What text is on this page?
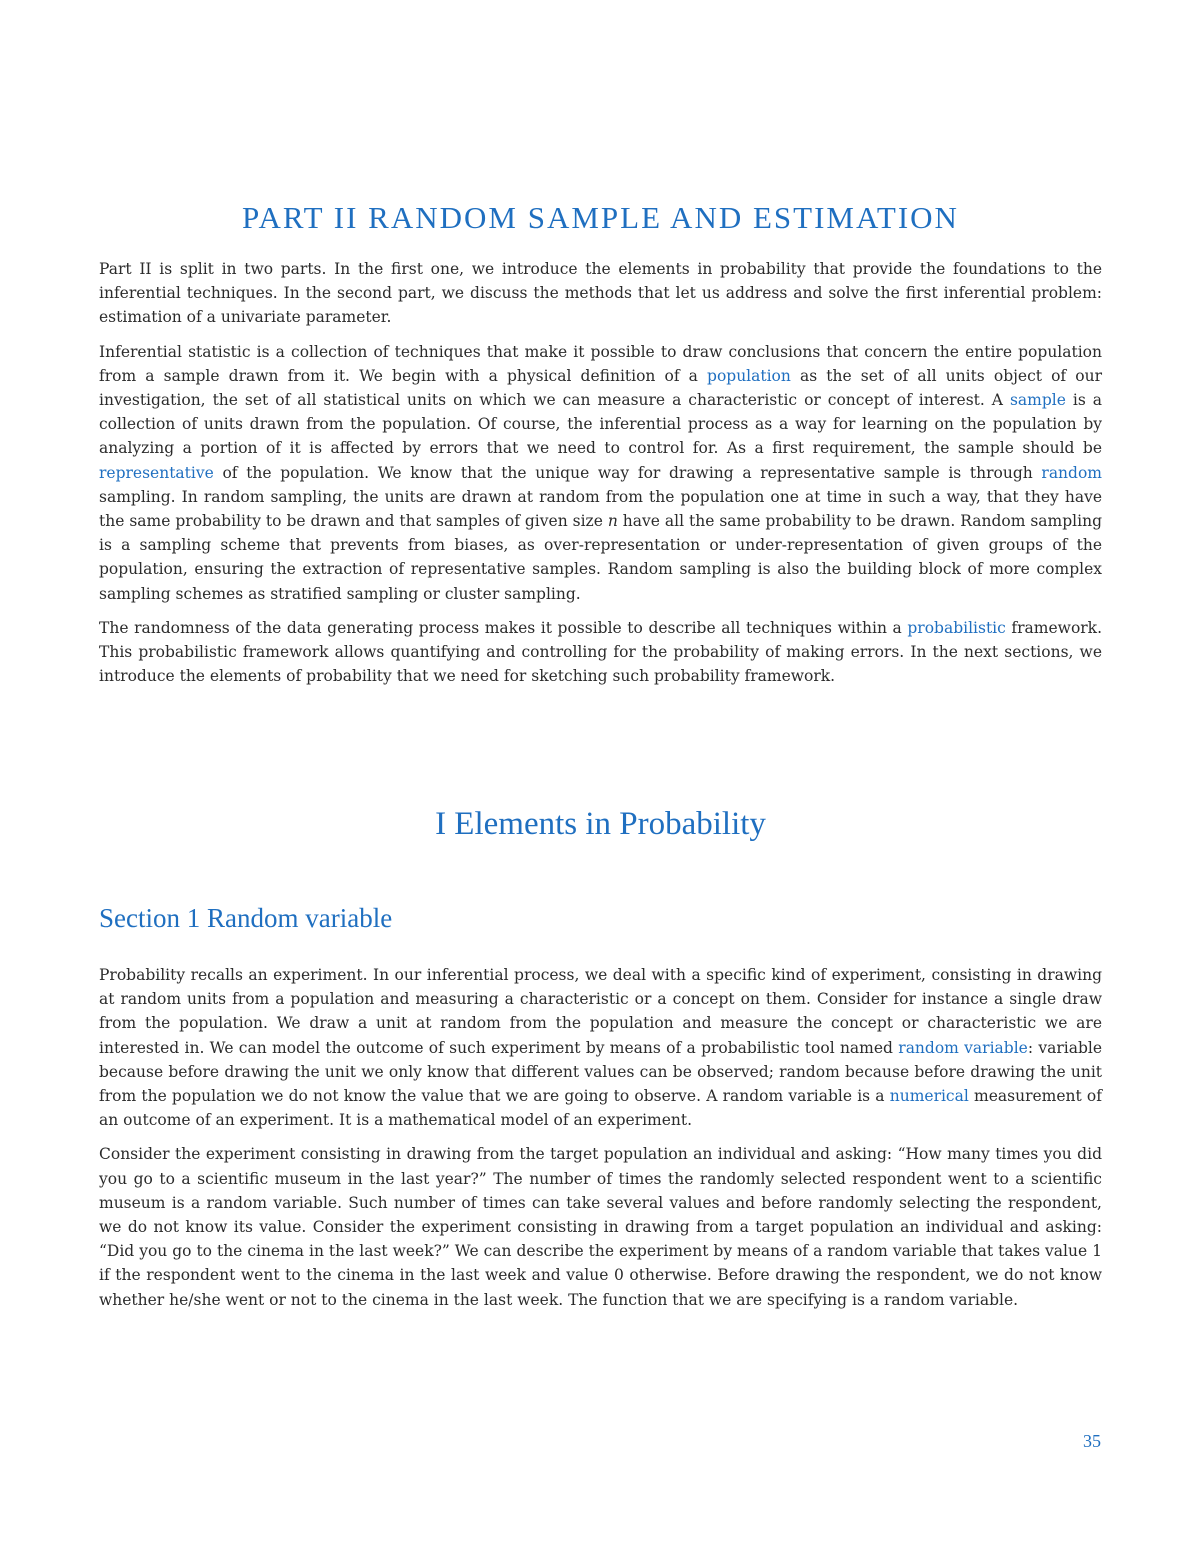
PART II RANDOM SAMPLE AND ESTIMATION

Part II is split in two parts. In the first one, we introduce the elements in probability that provide the foundations to the inferential techniques. In the second part, we discuss the methods that let us address and solve the first inferential problem: estimation of a univariate parameter.

Inferential statistic is a collection of techniques that make it possible to draw conclusions that concern the entire population from a sample drawn from it. We begin with a physical definition of a population as the set of all units object of our investigation, the set of all statistical units on which we can measure a characteristic or concept of interest. A sample is a collection of units drawn from the population. Of course, the inferential process as a way for learning on the population by analyzing a portion of it is affected by errors that we need to control for. As a first requirement, the sample should be representative of the population. We know that the unique way for drawing a representative sample is through random sampling. In random sampling, the units are drawn at random from the population one at time in such a way, that they have the same probability to be drawn and that samples of given size n have all the same probability to be drawn. Random sampling is a sampling scheme that prevents from biases, as over-representation or under-representation of given groups of the population, ensuring the extraction of representative samples. Random sampling is also the building block of more complex sampling schemes as stratified sampling or cluster sampling.

The randomness of the data generating process makes it possible to describe all techniques within a probabilistic framework. This probabilistic framework allows quantifying and controlling for the probability of making errors. In the next sections, we introduce the elements of probability that we need for sketching such probability framework.

I Elements in Probability
Section 1 Random variable

Probability recalls an experiment. In our inferential process, we deal with a specific kind of experiment, consisting in drawing at random units from a population and measuring a characteristic or a concept on them. Consider for instance a single draw from the population. We draw a unit at random from the population and measure the concept or characteristic we are interested in. We can model the outcome of such experiment by means of a probabilistic tool named random variable: variable because before drawing the unit we only know that different values can be observed; random because before drawing the unit from the population we do not know the value that we are going to observe. A random variable is a numerical measurement of an outcome of an experiment. It is a mathematical model of an experiment.

Consider the experiment consisting in drawing from the target population an individual and asking: “How many times you did you go to a scientific museum in the last year?” The number of times the randomly selected respondent went to a scientific museum is a random variable. Such number of times can take several values and before randomly selecting the respondent, we do not know its value. Consider the experiment consisting in drawing from a target population an individual and asking: “Did you go to the cinema in the last week?” We can describe the experiment by means of a random variable that takes value 1 if the respondent went to the cinema in the last week and value 0 otherwise. Before drawing the respondent, we do not know whether he/she went or not to the cinema in the last week. The function that we are specifying is a random variable.

35
